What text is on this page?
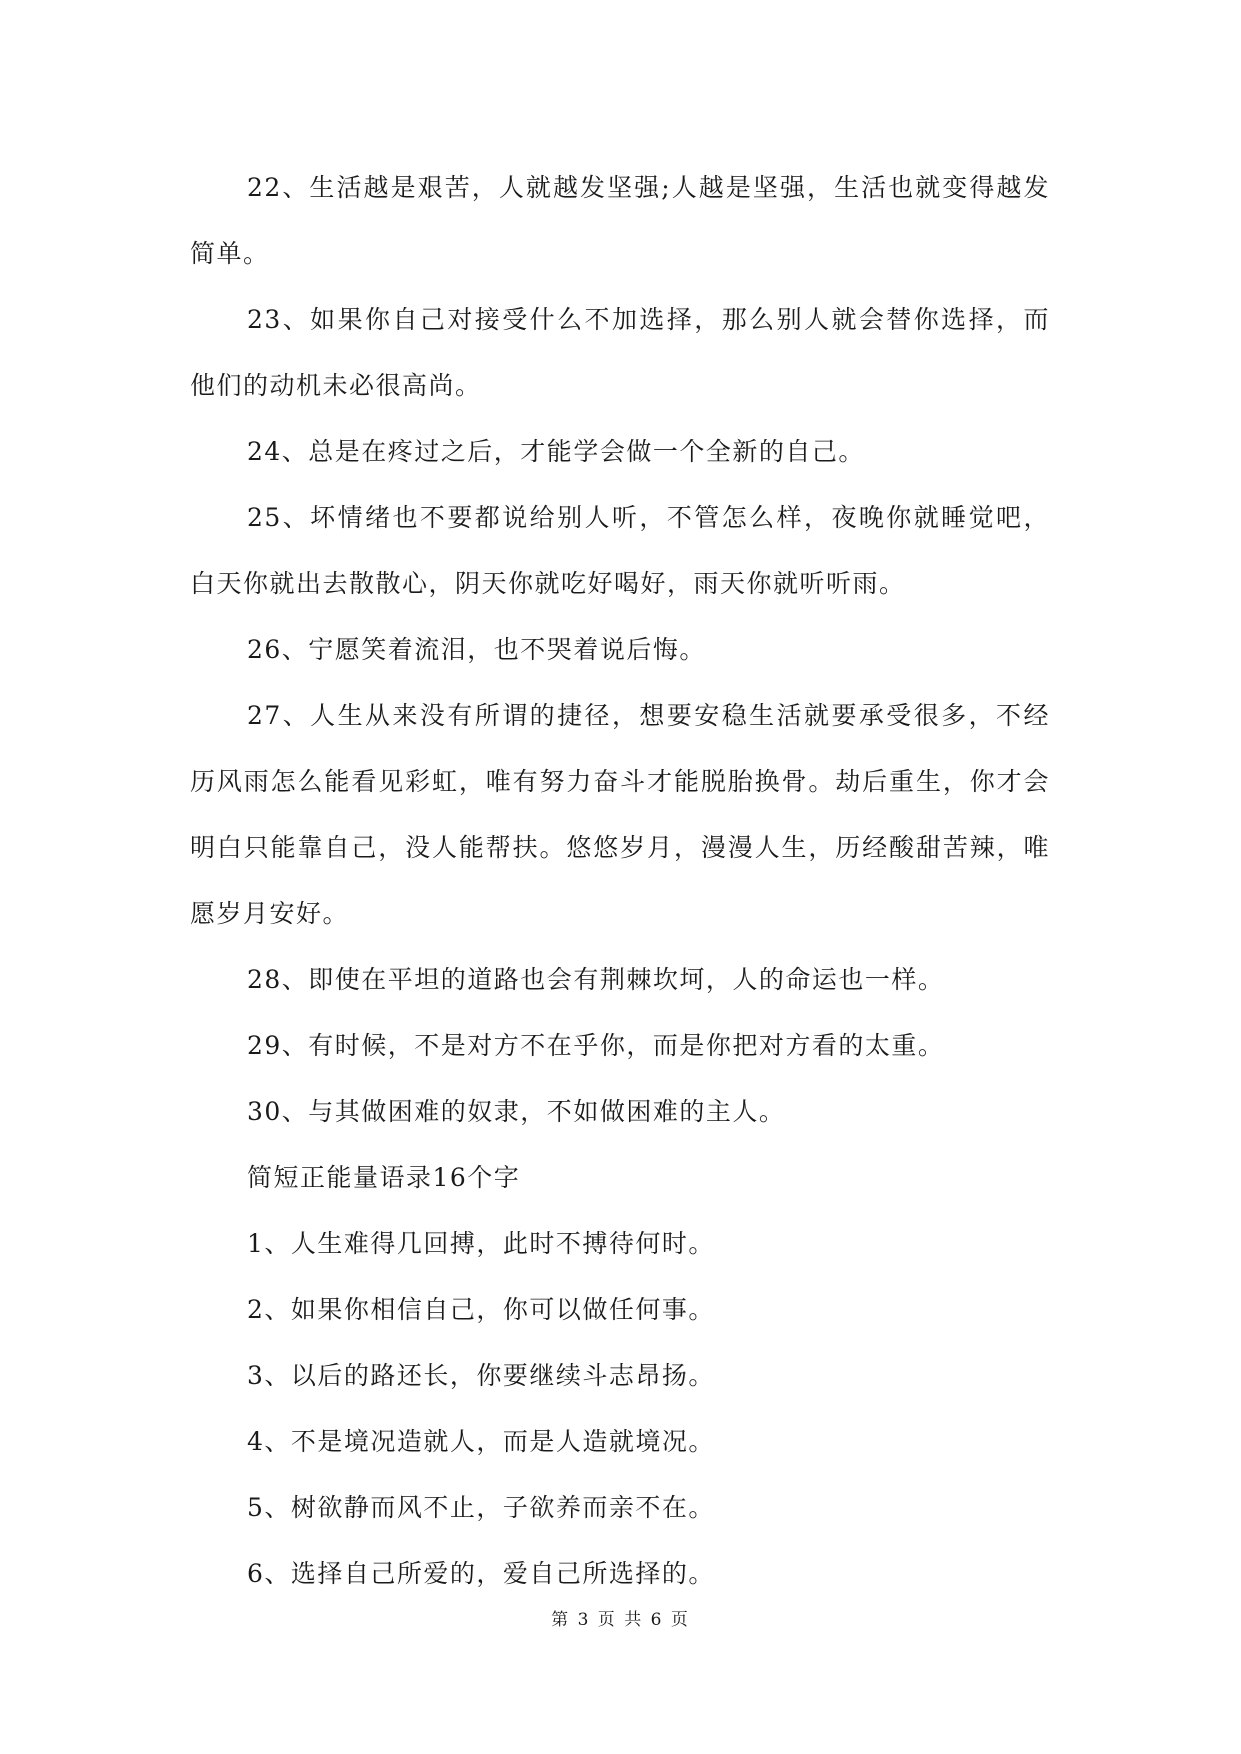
22、生活越是艰苦，人就越发坚强;人越是坚强，生活也就变得越发简单。

23、如果你自己对接受什么不加选择，那么别人就会替你选择，而他们的动机未必很高尚。

24、总是在疼过之后，才能学会做一个全新的自己。

25、坏情绪也不要都说给别人听，不管怎么样，夜晚你就睡觉吧，白天你就出去散散心，阴天你就吃好喝好，雨天你就听听雨。

26、宁愿笑着流泪，也不哭着说后悔。

27、人生从来没有所谓的捷径，想要安稳生活就要承受很多，不经历风雨怎么能看见彩虹，唯有努力奋斗才能脱胎换骨。劫后重生，你才会明白只能靠自己，没人能帮扶。悠悠岁月，漫漫人生，历经酸甜苦辣，唯愿岁月安好。

28、即使在平坦的道路也会有荆棘坎坷，人的命运也一样。

29、有时候，不是对方不在乎你，而是你把对方看的太重。

30、与其做困难的奴隶，不如做困难的主人。

简短正能量语录16个字

1、人生难得几回搏，此时不搏待何时。

2、如果你相信自己，你可以做任何事。

3、以后的路还长，你要继续斗志昂扬。

4、不是境况造就人，而是人造就境况。

5、树欲静而风不止，子欲养而亲不在。

6、选择自己所爱的，爱自己所选择的。

第 3 页 共 6 页
